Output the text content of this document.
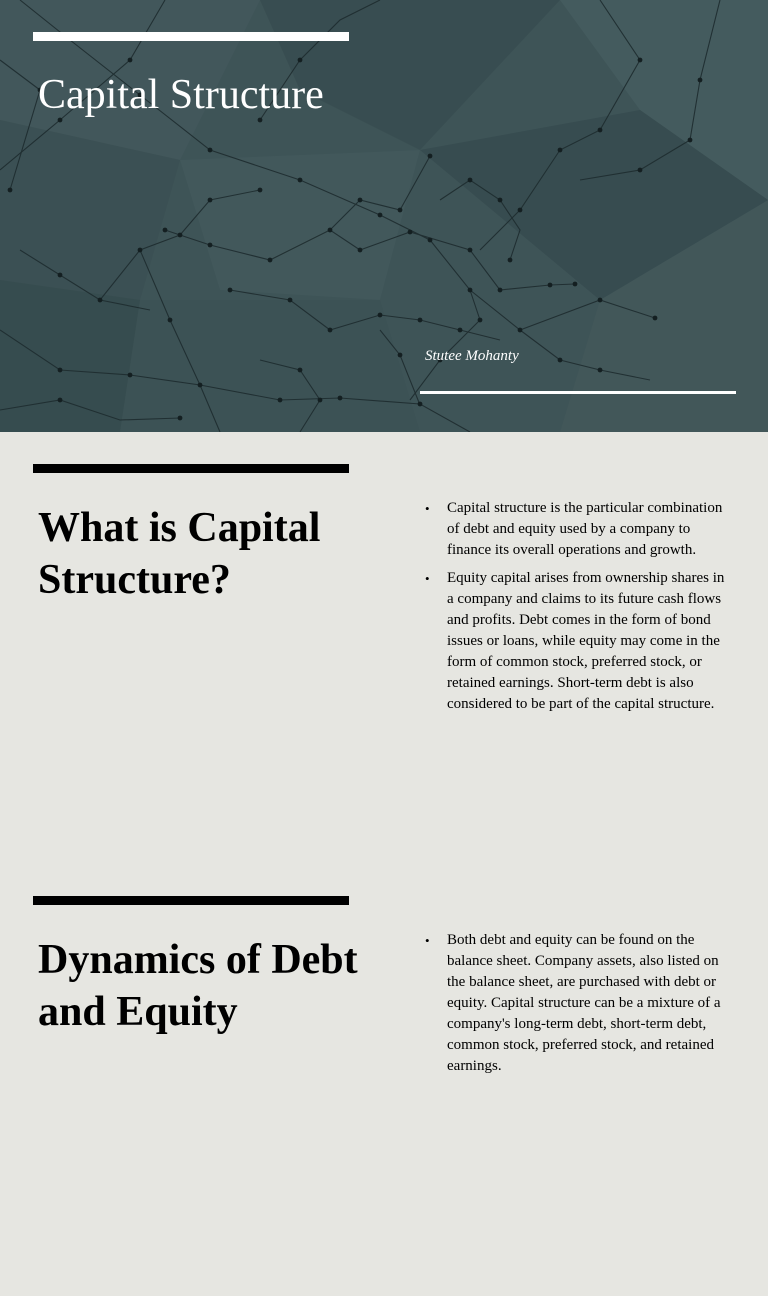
Capital Structure
Stutee Mohanty
What is Capital Structure?
• Capital structure is the particular combination of debt and equity used by a company to finance its overall operations and growth.
• Equity capital arises from ownership shares in a company and claims to its future cash flows and profits. Debt comes in the form of bond issues or loans, while equity may come in the form of common stock, preferred stock, or retained earnings. Short-term debt is also considered to be part of the capital structure.
Dynamics of Debt and Equity
• Both debt and equity can be found on the balance sheet. Company assets, also listed on the balance sheet, are purchased with debt or equity. Capital structure can be a mixture of a company's long-term debt, short-term debt, common stock, preferred stock, and retained earnings.
